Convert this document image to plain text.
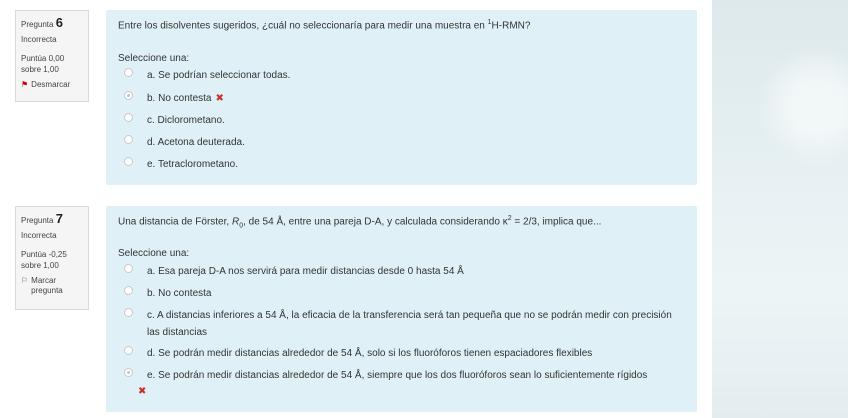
Pregunta 6
Incorrecta
Puntúa 0,00 sobre 1,00
⚑ Desmarcar
Entre los disolventes sugeridos, ¿cuál no seleccionaría para medir una muestra en $^1$H-RMN?
Seleccione una:
a. Se podrían seleccionar todas.
b. No contesta ✖
c. Diclorometano.
d. Acetona deuterada.
e. Tetraclorometano.
Pregunta 7
Incorrecta
Puntúa -0,25 sobre 1,00
⚐ Marcar pregunta
Una distancia de Förster, $R_0$, de 54 Å, entre una pareja D-A, y calculada considerando $\kappa^2 = 2/3$, implica que...
Seleccione una:
a. Esa pareja D-A nos servirá para medir distancias desde 0 hasta 54 Å
b. No contesta
c. A distancias inferiores a 54 Å, la eficacia de la transferencia será tan pequeña que no se podrán medir con precisión las distancias
d. Se podrán medir distancias alrededor de 54 Å, solo si los fluoróforos tienen espaciadores flexibles
e. Se podrán medir distancias alrededor de 54 Å, siempre que los dos fluoróforos sean lo suficientemente rígidos
✖
